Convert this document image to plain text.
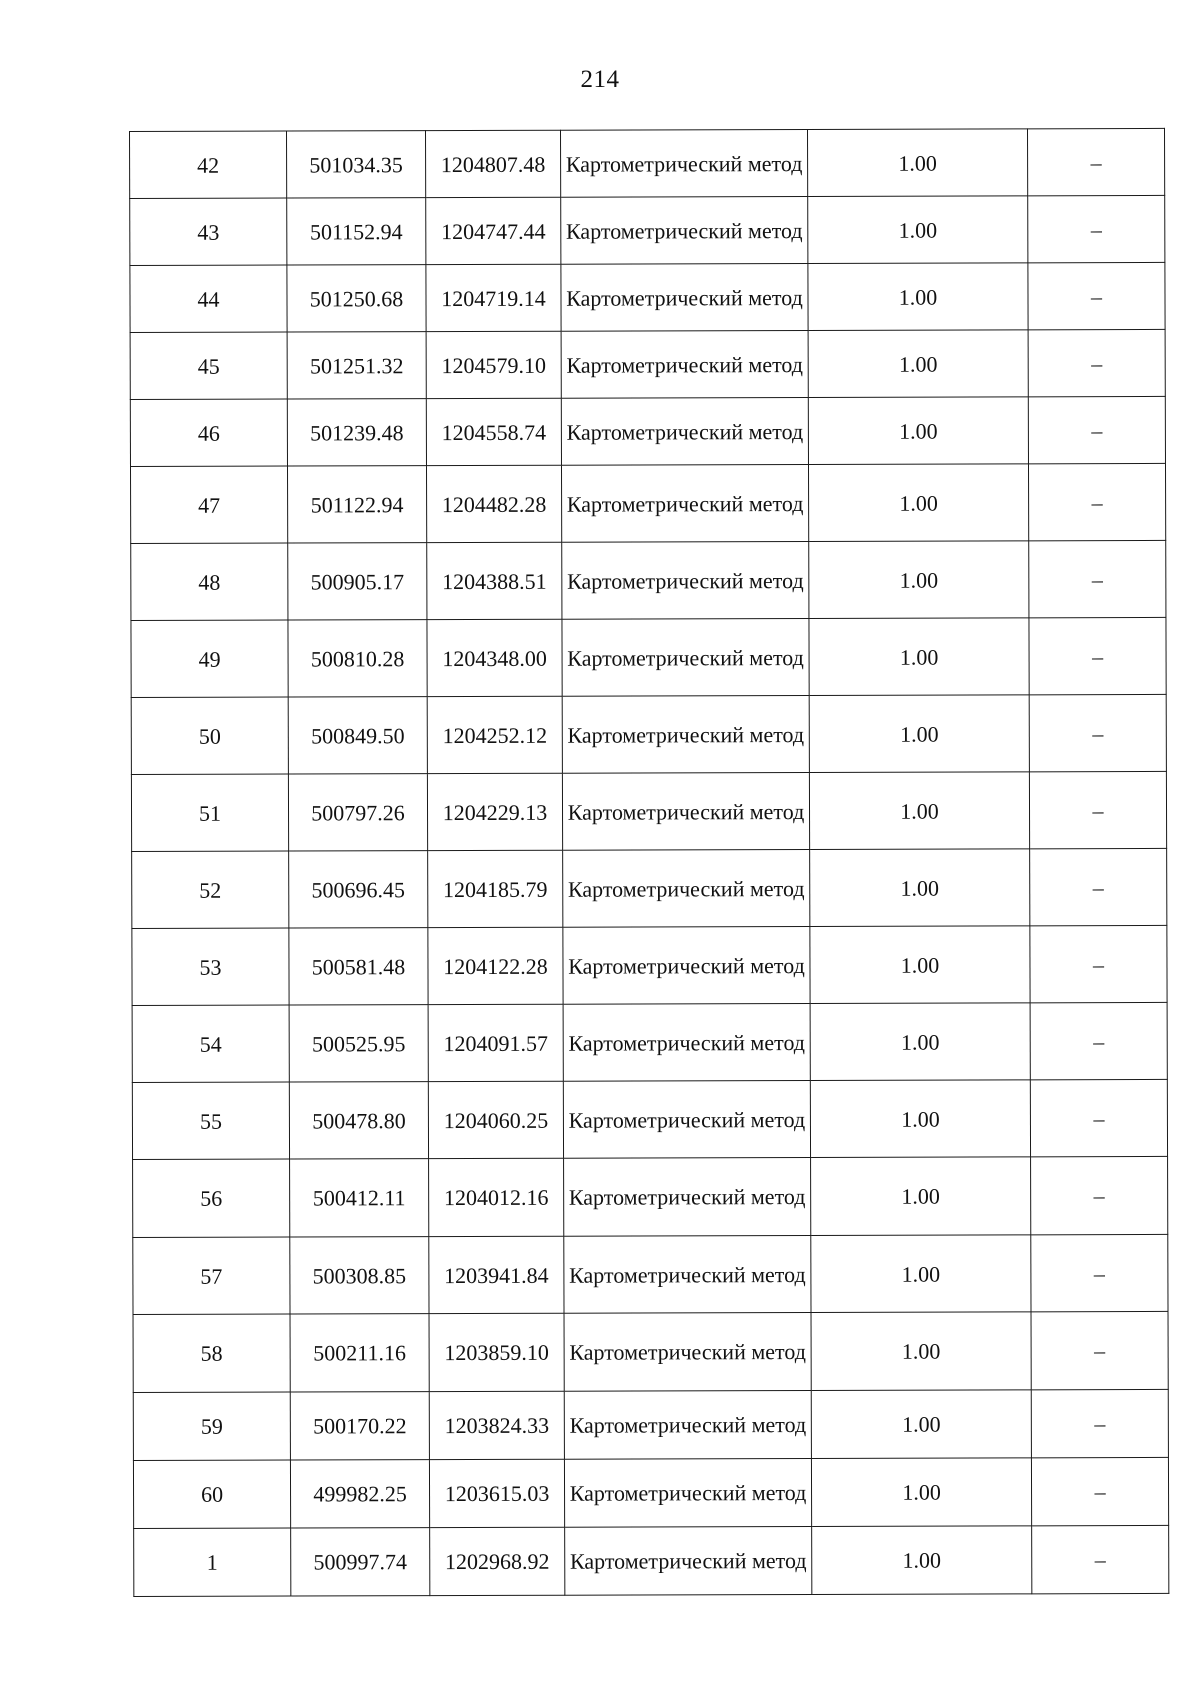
214
42	501034.35	1204807.48	Картометрический метод	1.00	–
43	501152.94	1204747.44	Картометрический метод	1.00	–
44	501250.68	1204719.14	Картометрический метод	1.00	–
45	501251.32	1204579.10	Картометрический метод	1.00	–
46	501239.48	1204558.74	Картометрический метод	1.00	–
47	501122.94	1204482.28	Картометрический метод	1.00	–
48	500905.17	1204388.51	Картометрический метод	1.00	–
49	500810.28	1204348.00	Картометрический метод	1.00	–
50	500849.50	1204252.12	Картометрический метод	1.00	–
51	500797.26	1204229.13	Картометрический метод	1.00	–
52	500696.45	1204185.79	Картометрический метод	1.00	–
53	500581.48	1204122.28	Картометрический метод	1.00	–
54	500525.95	1204091.57	Картометрический метод	1.00	–
55	500478.80	1204060.25	Картометрический метод	1.00	–
56	500412.11	1204012.16	Картометрический метод	1.00	–
57	500308.85	1203941.84	Картометрический метод	1.00	–
58	500211.16	1203859.10	Картометрический метод	1.00	–
59	500170.22	1203824.33	Картометрический метод	1.00	–
60	499982.25	1203615.03	Картометрический метод	1.00	–
1	500997.74	1202968.92	Картометрический метод	1.00	–
